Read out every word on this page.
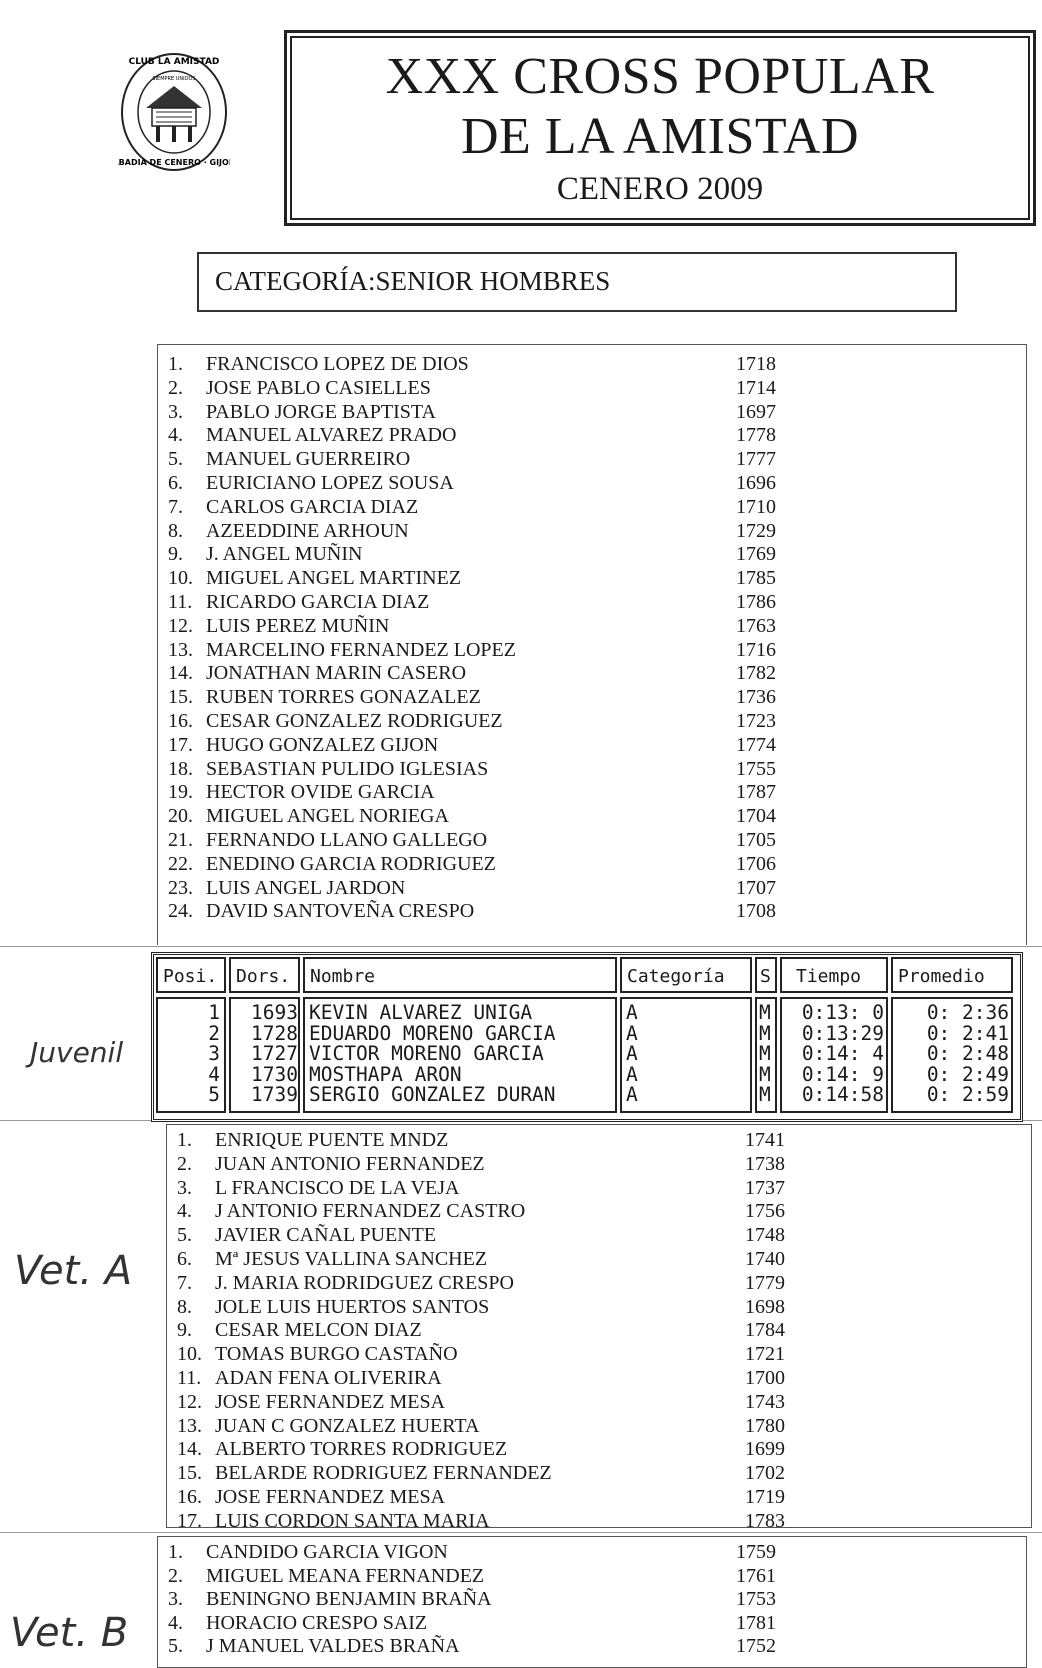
CLUB LA AMISTAD
SIEMPRE UNIDOS
ABADIA DE CENERO · GIJON
XXX CROSS POPULAR
DE LA AMISTAD
CENERO 2009
CATEGORÍA:SENIOR HOMBRES
1. FRANCISCO LOPEZ DE DIOS	1718
2. JOSE PABLO CASIELLES	1714
3. PABLO JORGE BAPTISTA	1697
4. MANUEL ALVAREZ PRADO	1778
5. MANUEL GUERREIRO	1777
6. EURICIANO LOPEZ SOUSA	1696
7. CARLOS GARCIA DIAZ	1710
8. AZEEDDINE ARHOUN	1729
9. J. ANGEL MUÑIN	1769
10. MIGUEL ANGEL MARTINEZ	1785
11. RICARDO GARCIA DIAZ	1786
12. LUIS PEREZ MUÑIN	1763
13. MARCELINO FERNANDEZ LOPEZ	1716
14. JONATHAN MARIN CASERO	1782
15. RUBEN TORRES GONAZALEZ	1736
16. CESAR GONZALEZ RODRIGUEZ	1723
17. HUGO GONZALEZ GIJON	1774
18. SEBASTIAN PULIDO IGLESIAS	1755
19. HECTOR OVIDE GARCIA	1787
20. MIGUEL ANGEL NORIEGA	1704
21. FERNANDO LLANO GALLEGO	1705
22. ENEDINO GARCIA RODRIGUEZ	1706
23. LUIS ANGEL JARDON	1707
24. DAVID SANTOVEÑA CRESPO	1708
Juvenil
Posi.	Dors.	Nombre	Categoría	S	Tiempo	Promedio
1	1693 KEVIN ALVAREZ UNIGA	A	M	0:13: 0	0: 2:36
2	1728 EDUARDO MORENO GARCIA	A	M	0:13:29	0: 2:41
3	1727 VICTOR MORENO GARCIA	A	M	0:14: 4	0: 2:48
4	1730 MOSTHAPA ARON	A	M	0:14: 9	0: 2:49
5	1739 SERGIO GONZALEZ DURAN	A	M	0:14:58	0: 2:59
Vet. A
1. ENRIQUE PUENTE MNDZ	1741
2. JUAN ANTONIO FERNANDEZ	1738
3. L FRANCISCO DE LA VEJA	1737
4. J ANTONIO FERNANDEZ CASTRO	1756
5. JAVIER CAÑAL PUENTE	1748
6. Mª JESUS VALLINA SANCHEZ	1740
7. J. MARIA RODRIDGUEZ CRESPO	1779
8. JOLE LUIS HUERTOS SANTOS	1698
9. CESAR MELCON DIAZ	1784
10. TOMAS BURGO CASTAÑO	1721
11. ADAN FENA OLIVERIRA	1700
12. JOSE FERNANDEZ MESA	1743
13. JUAN C GONZALEZ HUERTA	1780
14. ALBERTO TORRES RODRIGUEZ	1699
15. BELARDE RODRIGUEZ FERNANDEZ	1702
16. JOSE FERNANDEZ MESA	1719
17. LUIS CORDON SANTA MARIA	1783
Vet. B
1. CANDIDO GARCIA VIGON	1759
2. MIGUEL MEANA FERNANDEZ	1761
3. BENINGNO BENJAMIN BRAÑA	1753
4. HORACIO CRESPO SAIZ	1781
5. J MANUEL VALDES BRAÑA	1752
